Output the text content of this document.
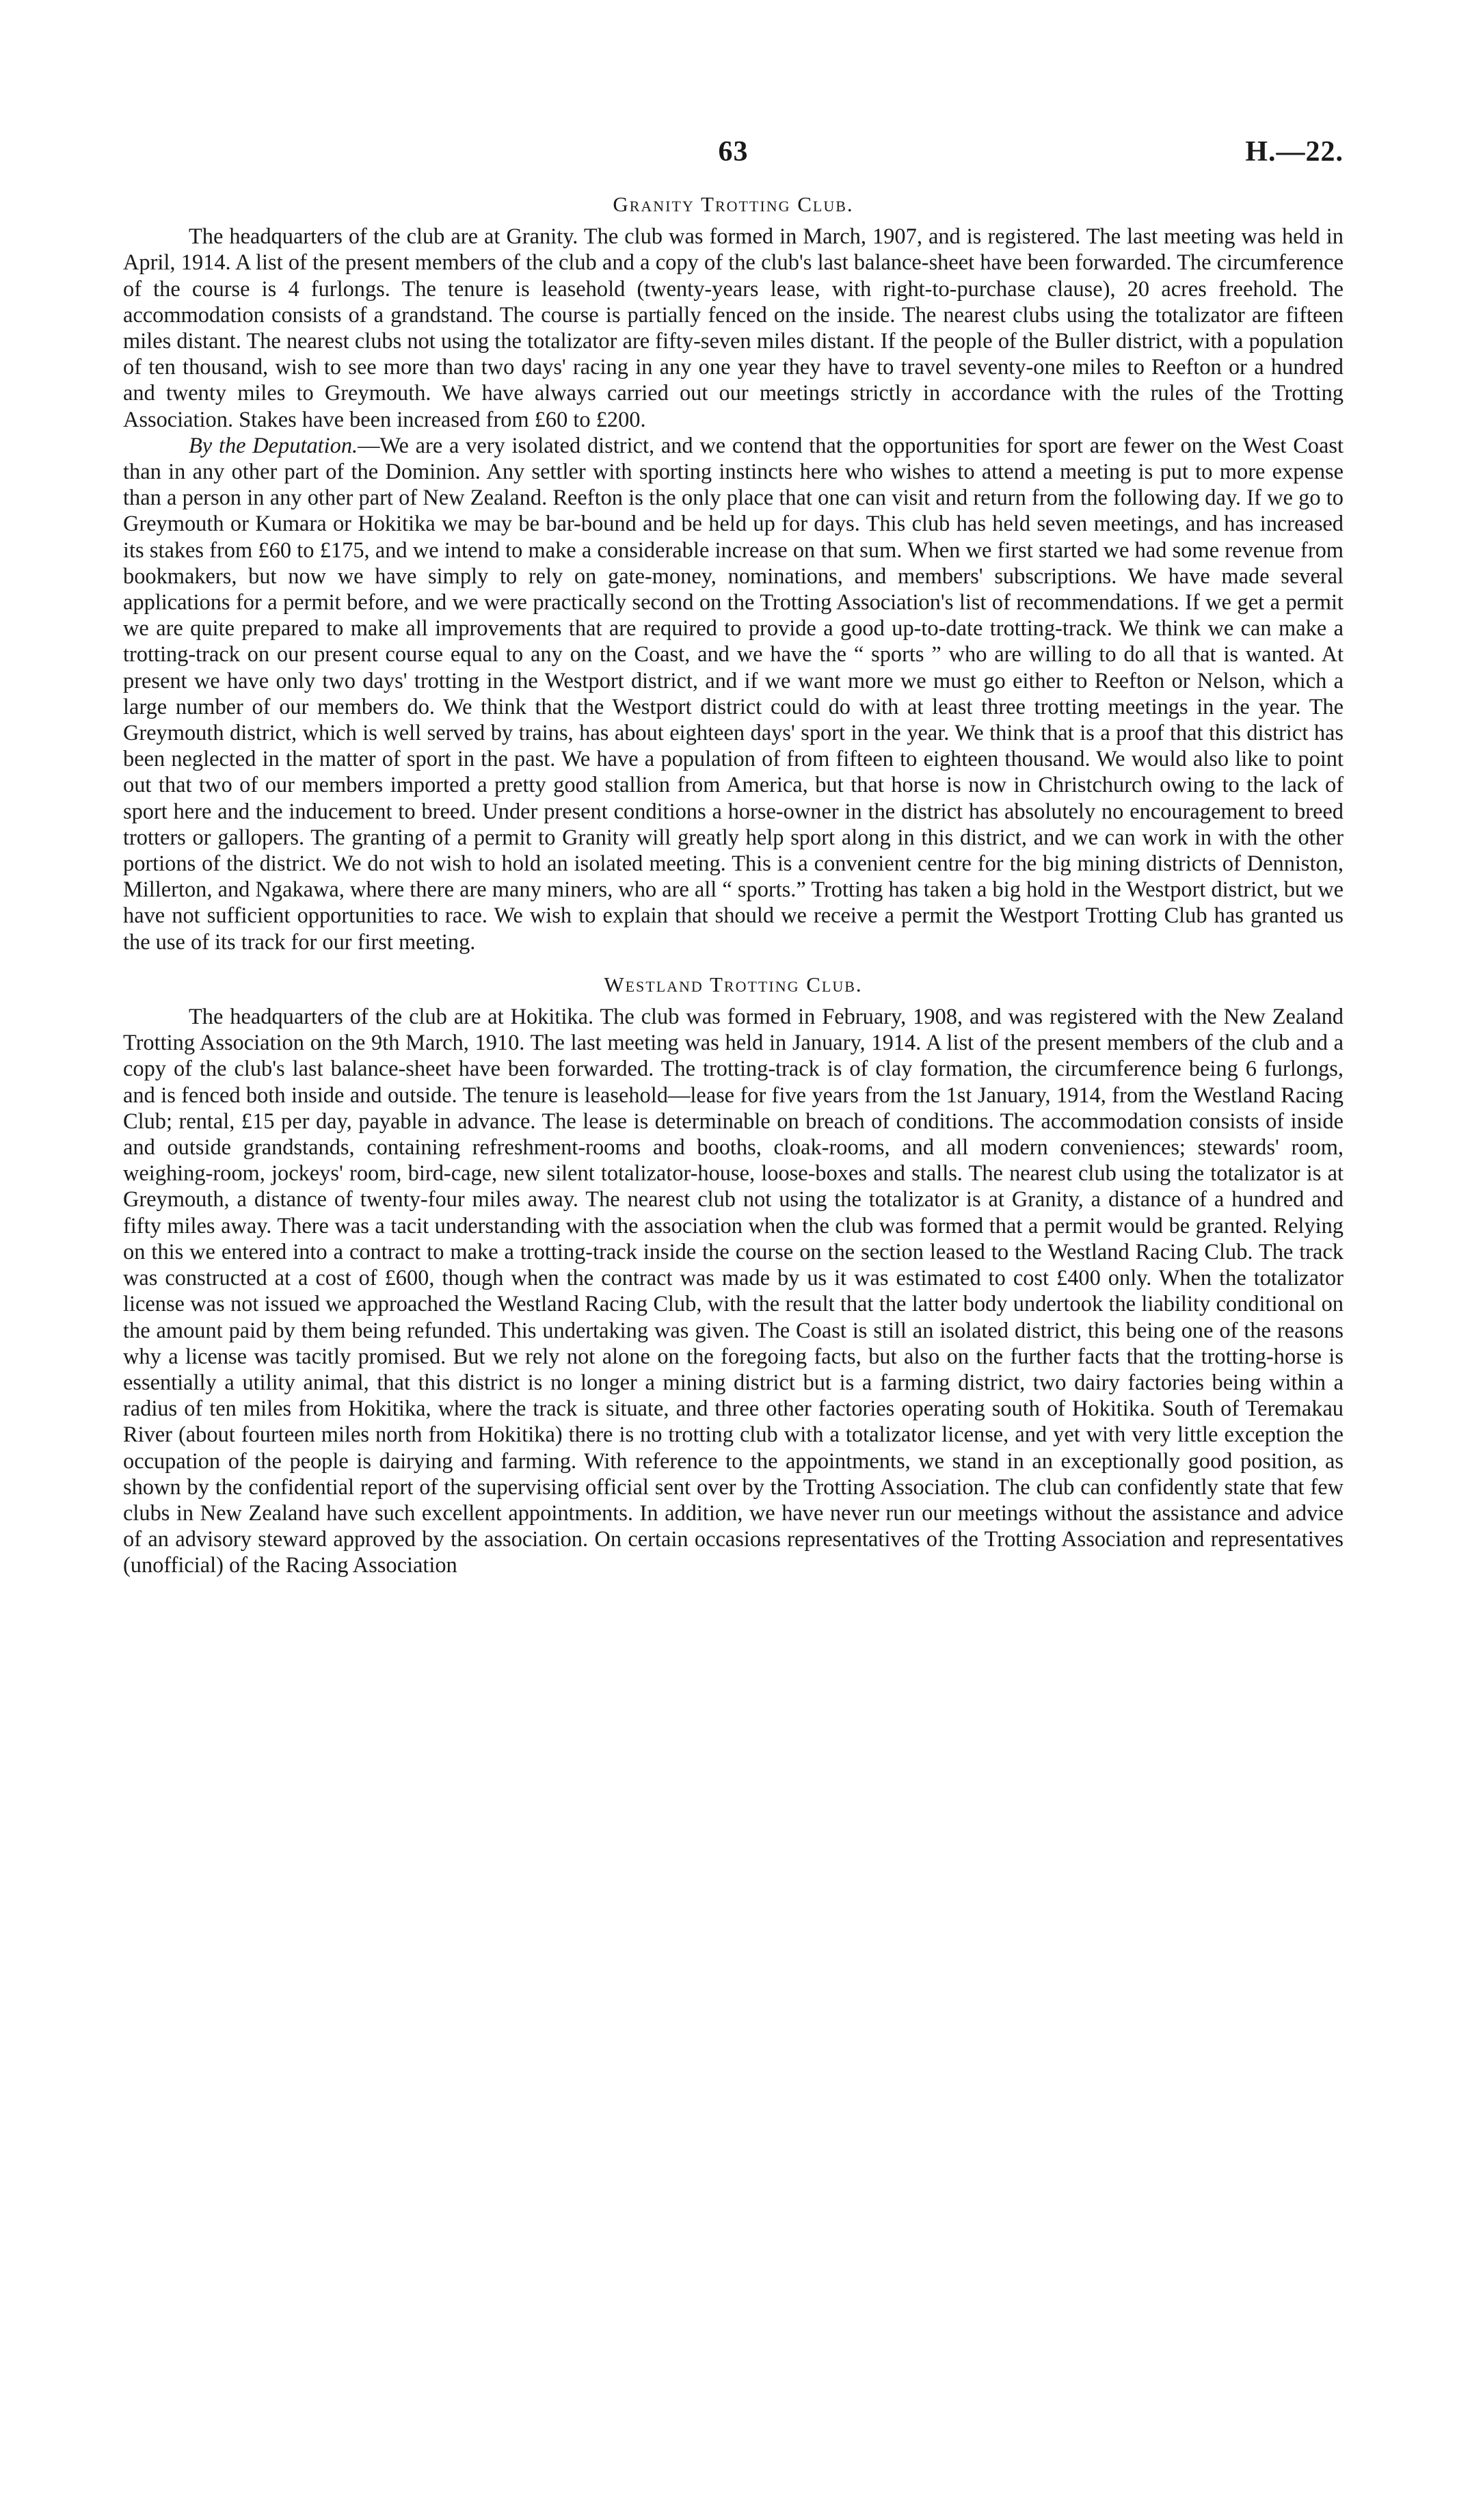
63	H.—22.
Granity Trotting Club.

The headquarters of the club are at Granity. The club was formed in March, 1907, and is registered. The last meeting was held in April, 1914. A list of the present members of the club and a copy of the club's last balance-sheet have been forwarded. The circumference of the course is 4 furlongs. The tenure is leasehold (twenty-years lease, with right-to-purchase clause), 20 acres freehold. The accommodation consists of a grandstand. The course is partially fenced on the inside. The nearest clubs using the totalizator are fifteen miles distant. The nearest clubs not using the totalizator are fifty-seven miles distant. If the people of the Buller district, with a population of ten thousand, wish to see more than two days' racing in any one year they have to travel seventy-one miles to Reefton or a hundred and twenty miles to Greymouth. We have always carried out our meetings strictly in accordance with the rules of the Trotting Association. Stakes have been increased from £60 to £200.

By the Deputation.—We are a very isolated district, and we contend that the opportunities for sport are fewer on the West Coast than in any other part of the Dominion. Any settler with sporting instincts here who wishes to attend a meeting is put to more expense than a person in any other part of New Zealand. Reefton is the only place that one can visit and return from the following day. If we go to Greymouth or Kumara or Hokitika we may be bar-bound and be held up for days. This club has held seven meetings, and has increased its stakes from £60 to £175, and we intend to make a considerable increase on that sum. When we first started we had some revenue from bookmakers, but now we have simply to rely on gate-money, nominations, and members' subscriptions. We have made several applications for a permit before, and we were practically second on the Trotting Association's list of recommendations. If we get a permit we are quite prepared to make all improvements that are required to provide a good up-to-date trotting-track. We think we can make a trotting-track on our present course equal to any on the Coast, and we have the “ sports ” who are willing to do all that is wanted. At present we have only two days' trotting in the Westport district, and if we want more we must go either to Reefton or Nelson, which a large number of our members do. We think that the Westport district could do with at least three trotting meetings in the year. The Greymouth district, which is well served by trains, has about eighteen days' sport in the year. We think that is a proof that this district has been neglected in the matter of sport in the past. We have a population of from fifteen to eighteen thousand. We would also like to point out that two of our members imported a pretty good stallion from America, but that horse is now in Christchurch owing to the lack of sport here and the inducement to breed. Under present conditions a horse-owner in the district has absolutely no encouragement to breed trotters or gallopers. The granting of a permit to Granity will greatly help sport along in this district, and we can work in with the other portions of the district. We do not wish to hold an isolated meeting. This is a convenient centre for the big mining districts of Denniston, Millerton, and Ngakawa, where there are many miners, who are all “ sports.” Trotting has taken a big hold in the Westport district, but we have not sufficient opportunities to race. We wish to explain that should we receive a permit the Westport Trotting Club has granted us the use of its track for our first meeting.

Westland Trotting Club.

The headquarters of the club are at Hokitika. The club was formed in February, 1908, and was registered with the New Zealand Trotting Association on the 9th March, 1910. The last meeting was held in January, 1914. A list of the present members of the club and a copy of the club's last balance-sheet have been forwarded. The trotting-track is of clay formation, the circumference being 6 furlongs, and is fenced both inside and outside. The tenure is leasehold—lease for five years from the 1st January, 1914, from the Westland Racing Club; rental, £15 per day, payable in advance. The lease is determinable on breach of conditions. The accommodation consists of inside and outside grandstands, containing refreshment-rooms and booths, cloak-rooms, and all modern conveniences; stewards' room, weighing-room, jockeys' room, bird-cage, new silent totalizator-house, loose-boxes and stalls. The nearest club using the totalizator is at Greymouth, a distance of twenty-four miles away. The nearest club not using the totalizator is at Granity, a distance of a hundred and fifty miles away. There was a tacit understanding with the association when the club was formed that a permit would be granted. Relying on this we entered into a contract to make a trotting-track inside the course on the section leased to the Westland Racing Club. The track was constructed at a cost of £600, though when the contract was made by us it was estimated to cost £400 only. When the totalizator license was not issued we approached the Westland Racing Club, with the result that the latter body undertook the liability conditional on the amount paid by them being refunded. This undertaking was given. The Coast is still an isolated district, this being one of the reasons why a license was tacitly promised. But we rely not alone on the foregoing facts, but also on the further facts that the trotting-horse is essentially a utility animal, that this district is no longer a mining district but is a farming district, two dairy factories being within a radius of ten miles from Hokitika, where the track is situate, and three other factories operating south of Hokitika. South of Teremakau River (about fourteen miles north from Hokitika) there is no trotting club with a totalizator license, and yet with very little exception the occupation of the people is dairying and farming. With reference to the appointments, we stand in an exceptionally good position, as shown by the confidential report of the supervising official sent over by the Trotting Association. The club can confidently state that few clubs in New Zealand have such excellent appointments. In addition, we have never run our meetings without the assistance and advice of an advisory steward approved by the association. On certain occasions representatives of the Trotting Association and representatives (unofficial) of the Racing Association
